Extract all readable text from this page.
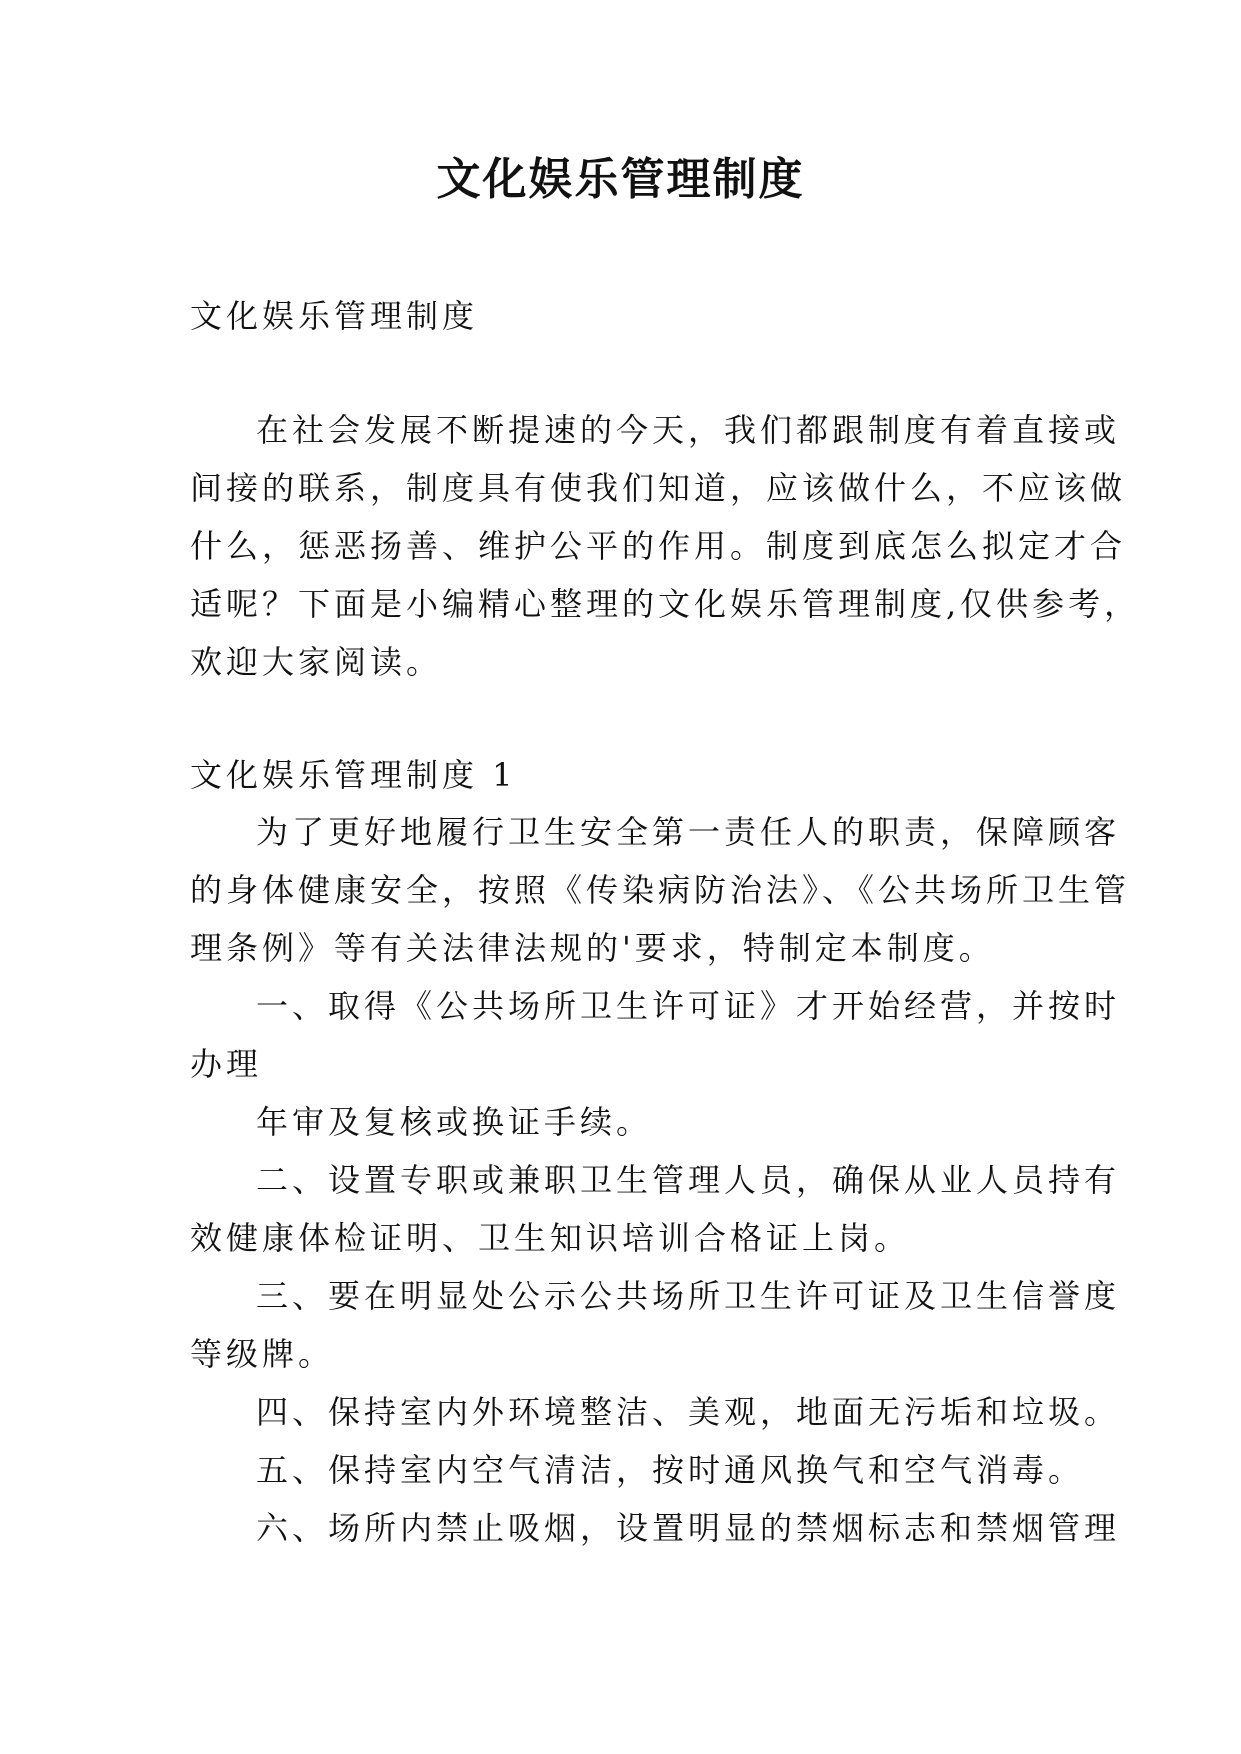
文化娱乐管理制度
文化娱乐管理制度
在社会发展不断提速的今天，我们都跟制度有着直接或
间接的联系，制度具有使我们知道，应该做什么，不应该做
什么，惩恶扬善、维护公平的作用。制度到底怎么拟定才合
适呢？下面是小编精心整理的文化娱乐管理制度,仅供参考，
欢迎大家阅读。
文化娱乐管理制度 1
为了更好地履行卫生安全第一责任人的职责，保障顾客
的身体健康安全，按照《传染病防治法》、《公共场所卫生管
理条例》等有关法律法规的'要求，特制定本制度。
一、取得《公共场所卫生许可证》才开始经营，并按时
办理
年审及复核或换证手续。
二、设置专职或兼职卫生管理人员，确保从业人员持有
效健康体检证明、卫生知识培训合格证上岗。
三、要在明显处公示公共场所卫生许可证及卫生信誉度
等级牌。
四、保持室内外环境整洁、美观，地面无污垢和垃圾。
五、保持室内空气清洁，按时通风换气和空气消毒。
六、场所内禁止吸烟，设置明显的禁烟标志和禁烟管理
